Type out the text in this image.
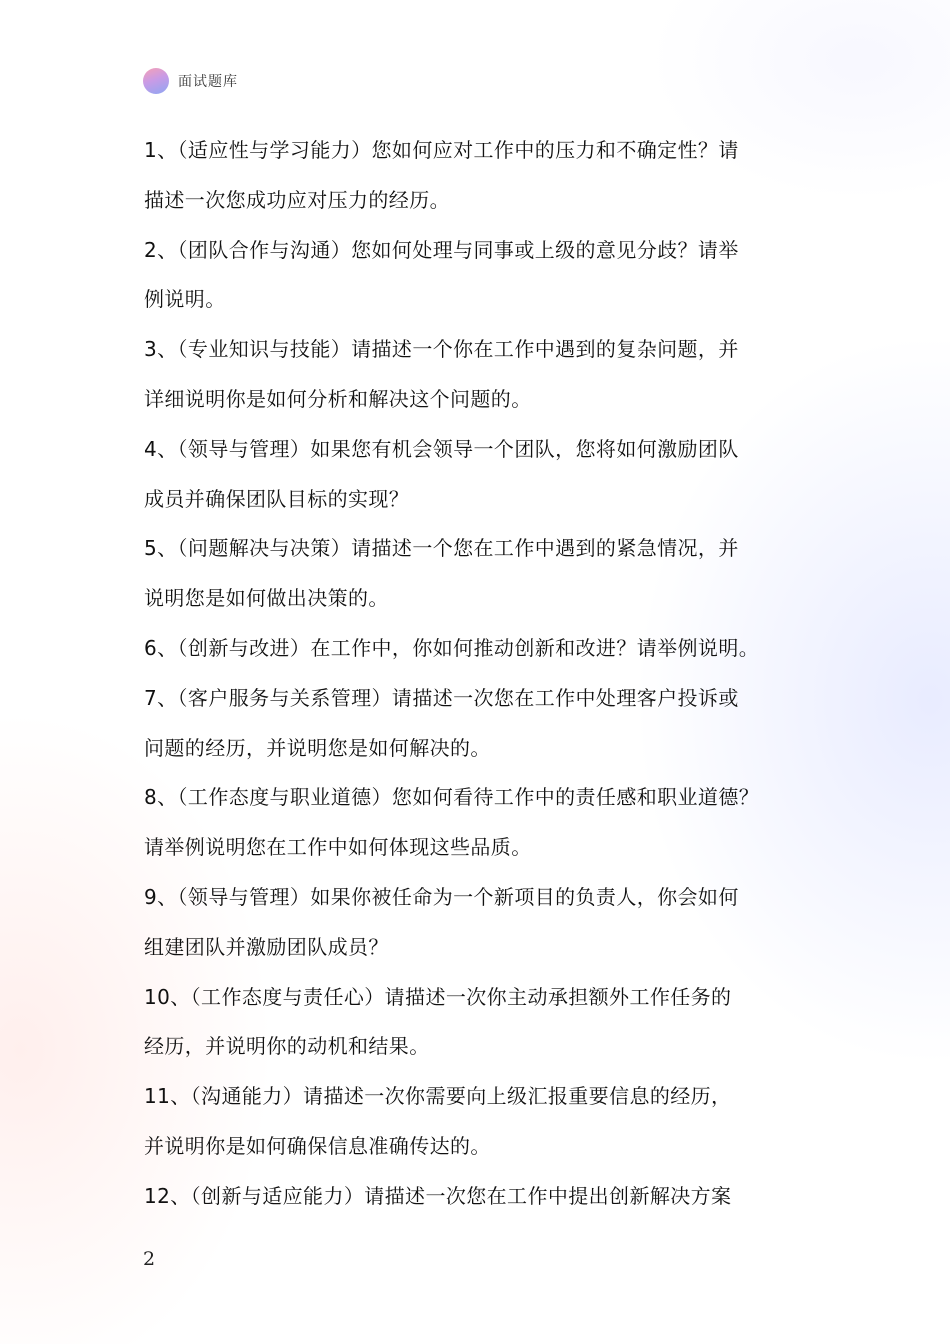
面试题库
1、（适应性与学习能力）您如何应对工作中的压力和不确定性？请
描述一次您成功应对压力的经历。
2、（团队合作与沟通）您如何处理与同事或上级的意见分歧？请举
例说明。
3、（专业知识与技能）请描述一个你在工作中遇到的复杂问题，并
详细说明你是如何分析和解决这个问题的。
4、（领导与管理）如果您有机会领导一个团队，您将如何激励团队
成员并确保团队目标的实现？
5、（问题解决与决策）请描述一个您在工作中遇到的紧急情况，并
说明您是如何做出决策的。
6、（创新与改进）在工作中，你如何推动创新和改进？请举例说明。
7、（客户服务与关系管理）请描述一次您在工作中处理客户投诉或
问题的经历，并说明您是如何解决的。
8、（工作态度与职业道德）您如何看待工作中的责任感和职业道德？
请举例说明您在工作中如何体现这些品质。
9、（领导与管理）如果你被任命为一个新项目的负责人，你会如何
组建团队并激励团队成员？
10、（工作态度与责任心）请描述一次你主动承担额外工作任务的
经历，并说明你的动机和结果。
11、（沟通能力）请描述一次你需要向上级汇报重要信息的经历，
并说明你是如何确保信息准确传达的。
12、（创新与适应能力）请描述一次您在工作中提出创新解决方案
2
